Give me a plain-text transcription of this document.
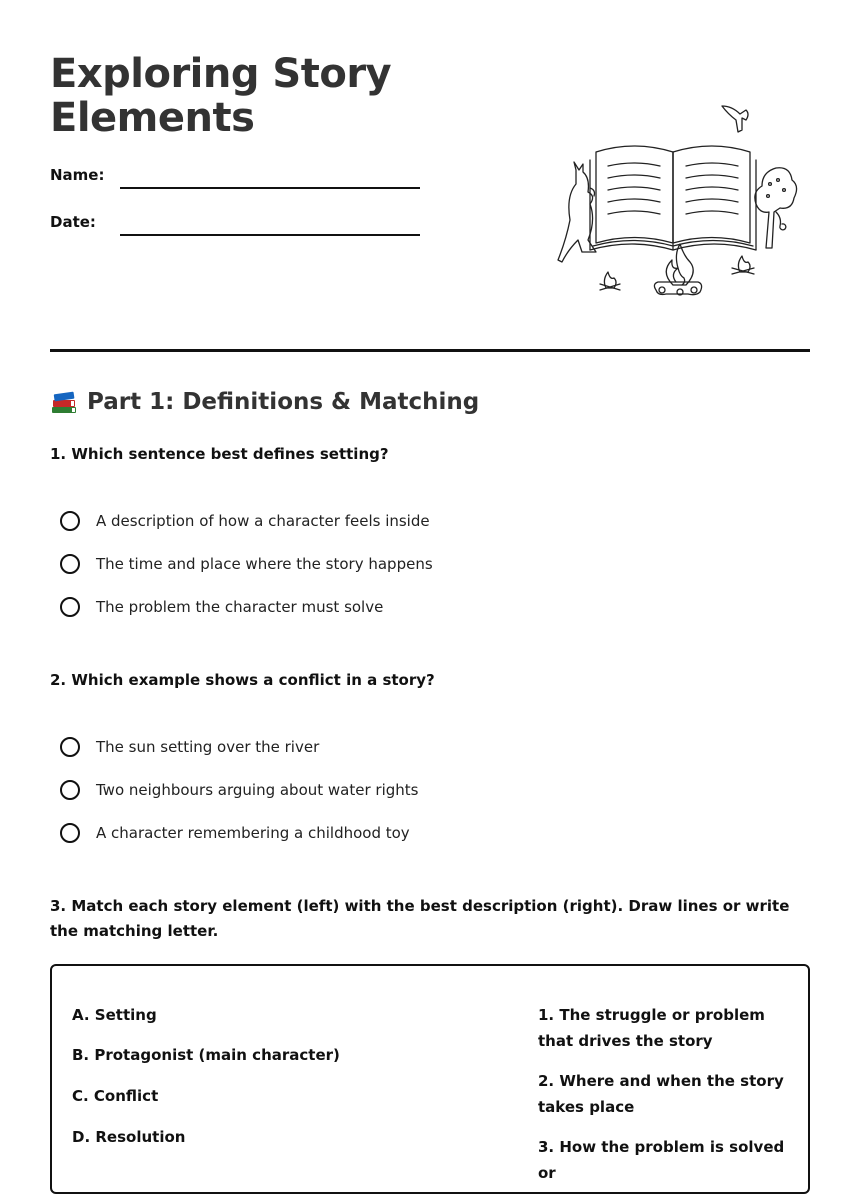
Exploring Story Elements
Name:
Date:
Part 1: Definitions & Matching

1. Which sentence best defines setting?

A description of how a character feels inside
The time and place where the story happens
The problem the character must solve

2. Which example shows a conflict in a story?

The sun setting over the river
Two neighbours arguing about water rights
A character remembering a childhood toy

3. Match each story element (left) with the best description (right). Draw lines or write the matching letter.

A. Setting
B. Protagonist (main character)
C. Conflict
D. Resolution
1. The struggle or problem that drives the story
2. Where and when the story takes place
3. How the problem is solved or
